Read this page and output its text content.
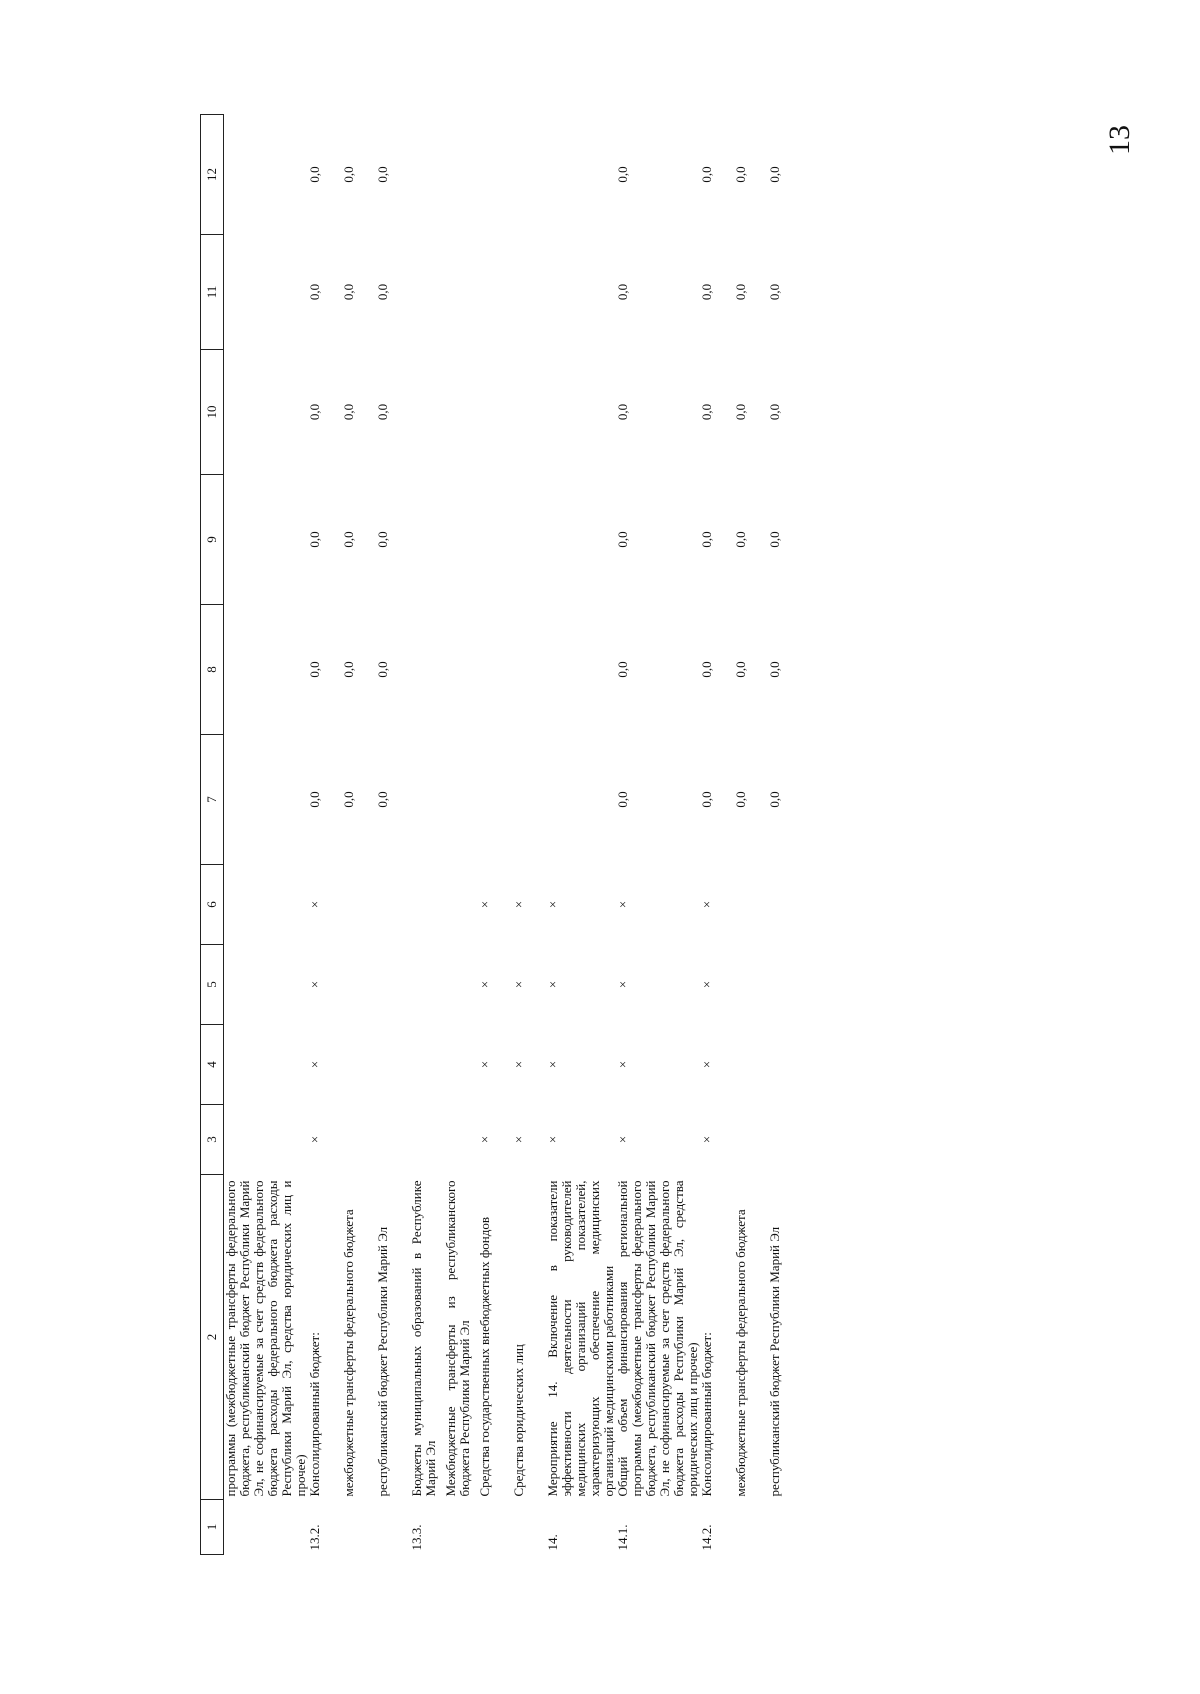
13
1	2	3	4	5	6	7	8	9	10	11	12
	программы (межбюджетные трансферты федерального бюджета, республиканский бюджет Республики Марий Эл, не софинансируемые за счет средств федерального бюджета расходы федерального бюджета расходы Республики Марий Эл, средства юридических лиц и прочее)										
13.2.	Консолидированный бюджет:	×	×	×	×	0,0	0,0	0,0	0,0	0,0	0,0
	межбюджетные трансферты федерального бюджета					0,0	0,0	0,0	0,0	0,0	0,0
	республиканский бюджет Республики Марий Эл					0,0	0,0	0,0	0,0	0,0	0,0
13.3.	Бюджеты муниципальных образований в Республике Марий Эл										
	Межбюджетные трансферты из республиканского бюджета Республики Марий Эл										
	Средства государственных внебюджетных фондов	×	×	×	×						
	Средства юридических лиц	×	×	×	×						
14.	Мероприятие 14. Включение в показатели эффективности деятельности руководителей медицинских организаций показателей, характеризующих обеспечение медицинских организаций медицинскими работниками	×	×	×	×						
14.1.	Общий объем финансирования региональной программы (межбюджетные трансферты федерального бюджета, республиканский бюджет Республики Марий Эл, не софинансируемые за счет средств федерального бюджета расходы Республики Марий Эл, средства юридических лиц и прочее)	×	×	×	×	0,0	0,0	0,0	0,0	0,0	0,0
14.2.	Консолидированный бюджет:	×	×	×	×	0,0	0,0	0,0	0,0	0,0	0,0
	межбюджетные трансферты федерального бюджета					0,0	0,0	0,0	0,0	0,0	0,0
	республиканский бюджет Республики Марий Эл					0,0	0,0	0,0	0,0	0,0	0,0
